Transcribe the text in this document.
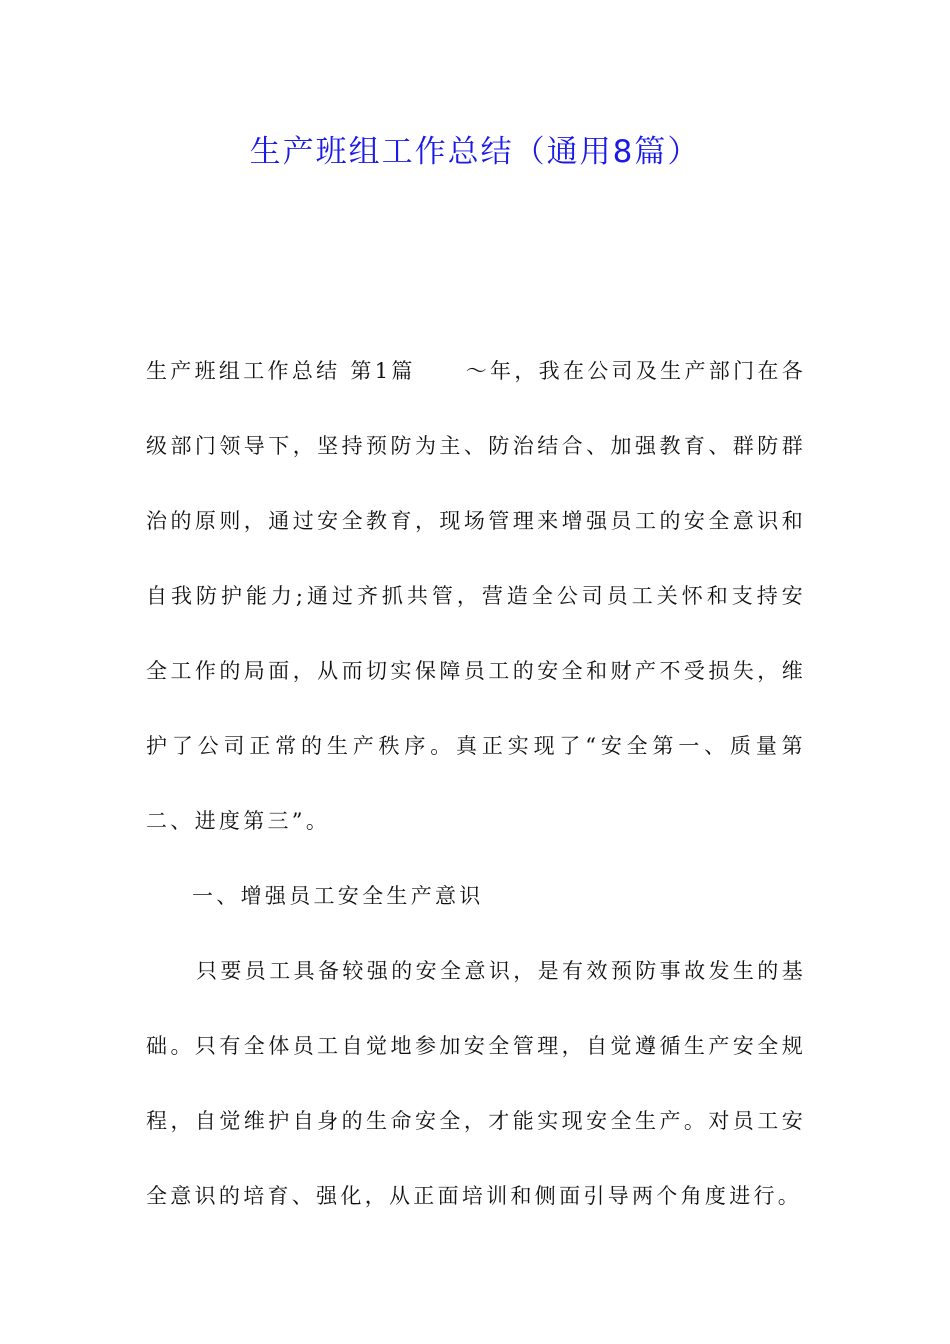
生产班组工作总结（通用8篇）

生产班组工作总结 第1篇 ～年，我在公司及生产部门在各级部门领导下，坚持预防为主、防治结合、加强教育、群防群治的原则，通过安全教育，现场管理来增强员工的安全意识和自我防护能力;通过齐抓共管，营造全公司员工关怀和支持安全工作的局面，从而切实保障员工的安全和财产不受损失，维护了公司正常的生产秩序。真正实现了“安全第一、质量第二、进度第三”。

一、增强员工安全生产意识

只要员工具备较强的安全意识，是有效预防事故发生的基础。只有全体员工自觉地参加安全管理，自觉遵循生产安全规程，自觉维护自身的生命安全，才能实现安全生产。对员工安全意识的培育、强化，从正面培训和侧面引导两个角度进行。
